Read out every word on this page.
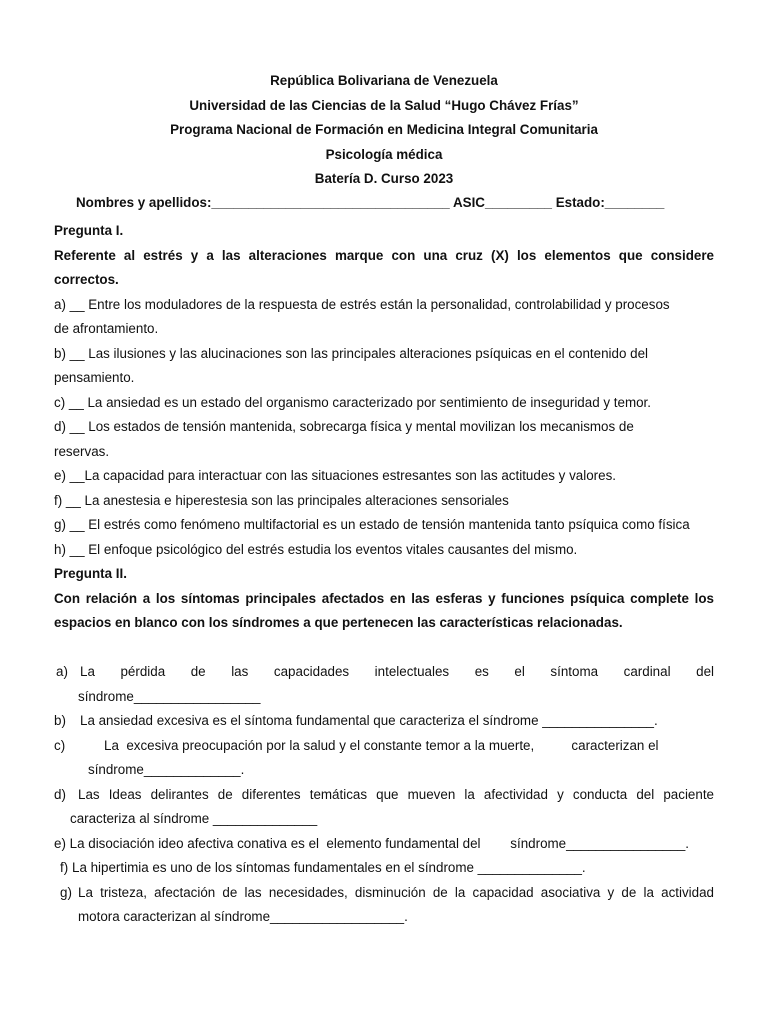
República Bolivariana de Venezuela
Universidad de las Ciencias de la Salud “Hugo Chávez Frías”
Programa Nacional de Formación en Medicina Integral Comunitaria
Psicología médica
Batería D. Curso 2023
Nombres y apellidos:________________________________ ASIC_________ Estado:________
Pregunta I.
Referente al estrés y a las alteraciones marque con una cruz (X) los elementos que considere
correctos.
a) __ Entre los moduladores de la respuesta de estrés están la personalidad, controlabilidad y procesos
de afrontamiento.
b) __ Las ilusiones y las alucinaciones son las principales alteraciones psíquicas en el contenido del
pensamiento.
c) __ La ansiedad es un estado del organismo caracterizado por sentimiento de inseguridad y temor.
d) __ Los estados de tensión mantenida, sobrecarga física y mental movilizan los mecanismos de
reservas.
e) __La capacidad para interactuar con las situaciones estresantes son las actitudes y valores.
f) __ La anestesia e hiperestesia son las principales alteraciones sensoriales
g) __ El estrés como fenómeno multifactorial es un estado de tensión mantenida tanto psíquica como física
h) __ El enfoque psicológico del estrés estudia los eventos vitales causantes del mismo.
Pregunta II.
Con relación a los síntomas principales afectados en las esferas y funciones psíquica complete los
espacios en blanco con los síndromes a que pertenecen las características relacionadas.
a) La pérdida de las capacidades intelectuales es el síntoma cardinal del
síndrome_________________
b)	La ansiedad excesiva es el síntoma fundamental que caracteriza el síndrome _______________.
c)	La  excesiva preocupación por la salud y el constante temor a la muerte,          caracterizan el
síndrome_____________.
d) Las Ideas delirantes de diferentes temáticas que mueven la afectividad y conducta del paciente
caracteriza al síndrome ______________
e) La disociación ideo afectiva conativa es el  elemento fundamental del        síndrome________________.
f) La hipertimia es uno de los síntomas fundamentales en el síndrome ______________.
g) La tristeza, afectación de las necesidades, disminución de la capacidad asociativa y de la actividad
motora caracterizan al síndrome__________________.
